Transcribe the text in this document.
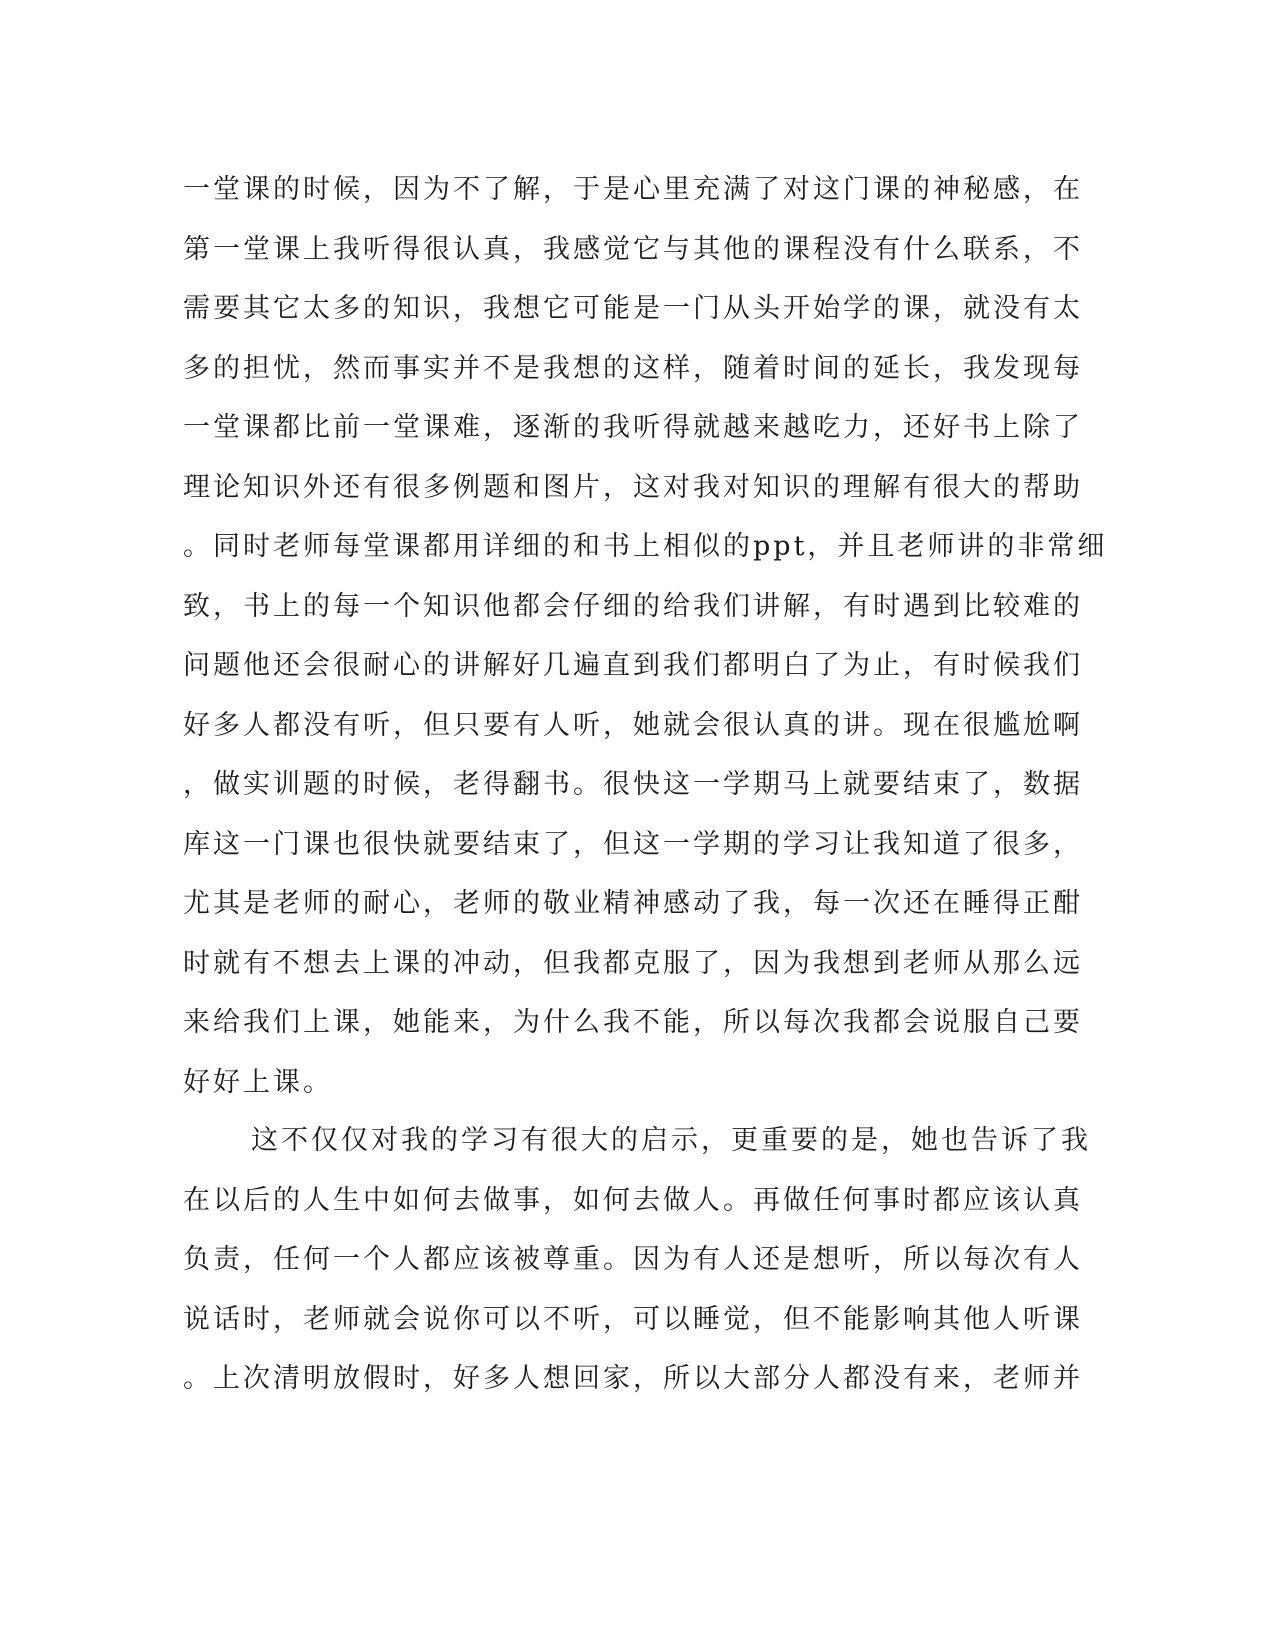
一堂课的时候，因为不了解，于是心里充满了对这门课的神秘感，在
第一堂课上我听得很认真，我感觉它与其他的课程没有什么联系，不
需要其它太多的知识，我想它可能是一门从头开始学的课，就没有太
多的担忧，然而事实并不是我想的这样，随着时间的延长，我发现每
一堂课都比前一堂课难，逐渐的我听得就越来越吃力，还好书上除了
理论知识外还有很多例题和图片，这对我对知识的理解有很大的帮助
。同时老师每堂课都用详细的和书上相似的ppt，并且老师讲的非常细
致，书上的每一个知识他都会仔细的给我们讲解，有时遇到比较难的
问题他还会很耐心的讲解好几遍直到我们都明白了为止，有时候我们
好多人都没有听，但只要有人听，她就会很认真的讲。现在很尴尬啊
，做实训题的时候，老得翻书。很快这一学期马上就要结束了，数据
库这一门课也很快就要结束了，但这一学期的学习让我知道了很多，
尤其是老师的耐心，老师的敬业精神感动了我，每一次还在睡得正酣
时就有不想去上课的冲动，但我都克服了，因为我想到老师从那么远
来给我们上课，她能来，为什么我不能，所以每次我都会说服自己要
好好上课。
这不仅仅对我的学习有很大的启示，更重要的是，她也告诉了我
在以后的人生中如何去做事，如何去做人。再做任何事时都应该认真
负责，任何一个人都应该被尊重。因为有人还是想听，所以每次有人
说话时，老师就会说你可以不听，可以睡觉，但不能影响其他人听课
。上次清明放假时，好多人想回家，所以大部分人都没有来，老师并
